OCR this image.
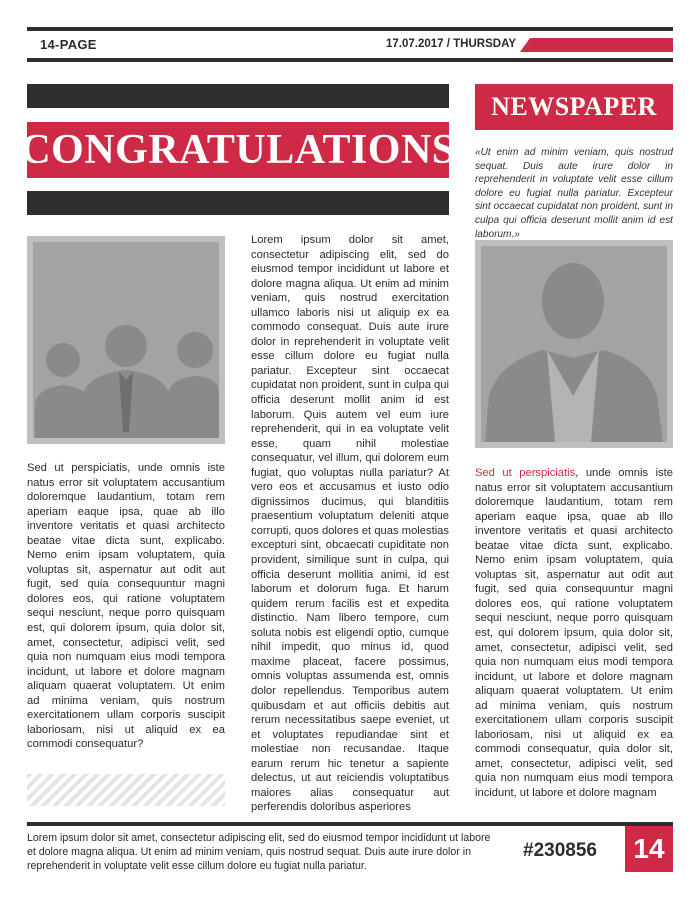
14-PAGE	17.07.2017 / THURSDAY
CONGRATULATIONS
NEWSPAPER
«Ut enim ad minim veniam, quis nostrud sequat. Duis aute irure dolor in reprehenderit in voluptate velit esse cillum dolore eu fugiat nulla pariatur. Excepteur sint occaecat cupidatat non proident, sunt in culpa qui officia deserunt mollit anim id est laborum.»
Sed ut perspiciatis, unde omnis iste natus error sit voluptatem accusantium doloremque laudantium, totam rem aperiam eaque ipsa, quae ab illo inventore veritatis et quasi architecto beatae vitae dicta sunt, explicabo. Nemo enim ipsam voluptatem, quia voluptas sit, aspernatur aut odit aut fugit, sed quia consequuntur magni dolores eos, qui ratione voluptatem sequi nesciunt, neque porro quisquam est, qui dolorem ipsum, quia dolor sit, amet, consectetur, adipisci velit, sed quia non numquam eius modi tempora incidunt, ut labore et dolore magnam aliquam quaerat voluptatem. Ut enim ad minima veniam, quis nostrum exercitationem ullam corporis suscipit laboriosam, nisi ut aliquid ex ea commodi consequatur?
Lorem ipsum dolor sit amet, consectetur adipiscing elit, sed do eiusmod tempor incididunt ut labore et dolore magna aliqua. Ut enim ad minim veniam, quis nostrud exercitation ullamco laboris nisi ut aliquip ex ea commodo consequat. Duis aute irure dolor in reprehenderit in voluptate velit esse cillum dolore eu fugiat nulla pariatur. Excepteur sint occaecat cupidatat non proident, sunt in culpa qui officia deserunt mollit anim id est laborum. Quis autem vel eum iure reprehenderit, qui in ea voluptate velit esse, quam nihil molestiae consequatur, vel illum, qui dolorem eum fugiat, quo voluptas nulla pariatur? At vero eos et accusamus et iusto odio dignissimos ducimus, qui blanditiis praesentium voluptatum deleniti atque corrupti, quos dolores et quas molestias excepturi sint, obcaecati cupiditate non provident, similique sunt in culpa, qui officia deserunt mollitia animi, id est laborum et dolorum fuga. Et harum quidem rerum facilis est et expedita distinctio. Nam libero tempore, cum soluta nobis est eligendi optio, cumque nihil impedit, quo minus id, quod maxime placeat, facere possimus, omnis voluptas assumenda est, omnis dolor repellendus. Temporibus autem quibusdam et aut officiis debitis aut rerum necessitatibus saepe eveniet, ut et voluptates repudiandae sint et molestiae non recusandae. Itaque earum rerum hic tenetur a sapiente delectus, ut aut reiciendis voluptatibus maiores alias consequatur aut perferendis doloribus asperiores
Sed ut perspiciatis, unde omnis iste natus error sit voluptatem accusantium doloremque laudantium, totam rem aperiam eaque ipsa, quae ab illo inventore veritatis et quasi architecto beatae vitae dicta sunt, explicabo. Nemo enim ipsam voluptatem, quia voluptas sit, aspernatur aut odit aut fugit, sed quia consequuntur magni dolores eos, qui ratione voluptatem sequi nesciunt, neque porro quisquam est, qui dolorem ipsum, quia dolor sit, amet, consectetur, adipisci velit, sed quia non numquam eius modi tempora incidunt, ut labore et dolore magnam aliquam quaerat voluptatem. Ut enim ad minima veniam, quis nostrum exercitationem ullam corporis suscipit laboriosam, nisi ut aliquid ex ea commodi consequatur, quia dolor sit, amet, consectetur, adipisci velit, sed quia non numquam eius modi tempora incidunt, ut labore et dolore magnam
Lorem ipsum dolor sit amet, consectetur adipiscing elit, sed do eiusmod tempor incididunt ut labore et dolore magna aliqua. Ut enim ad minim veniam, quis nostrud sequat. Duis aute irure dolor in reprehenderit in voluptate velit esse cillum dolore eu fugiat nulla pariatur.
#230856	14
